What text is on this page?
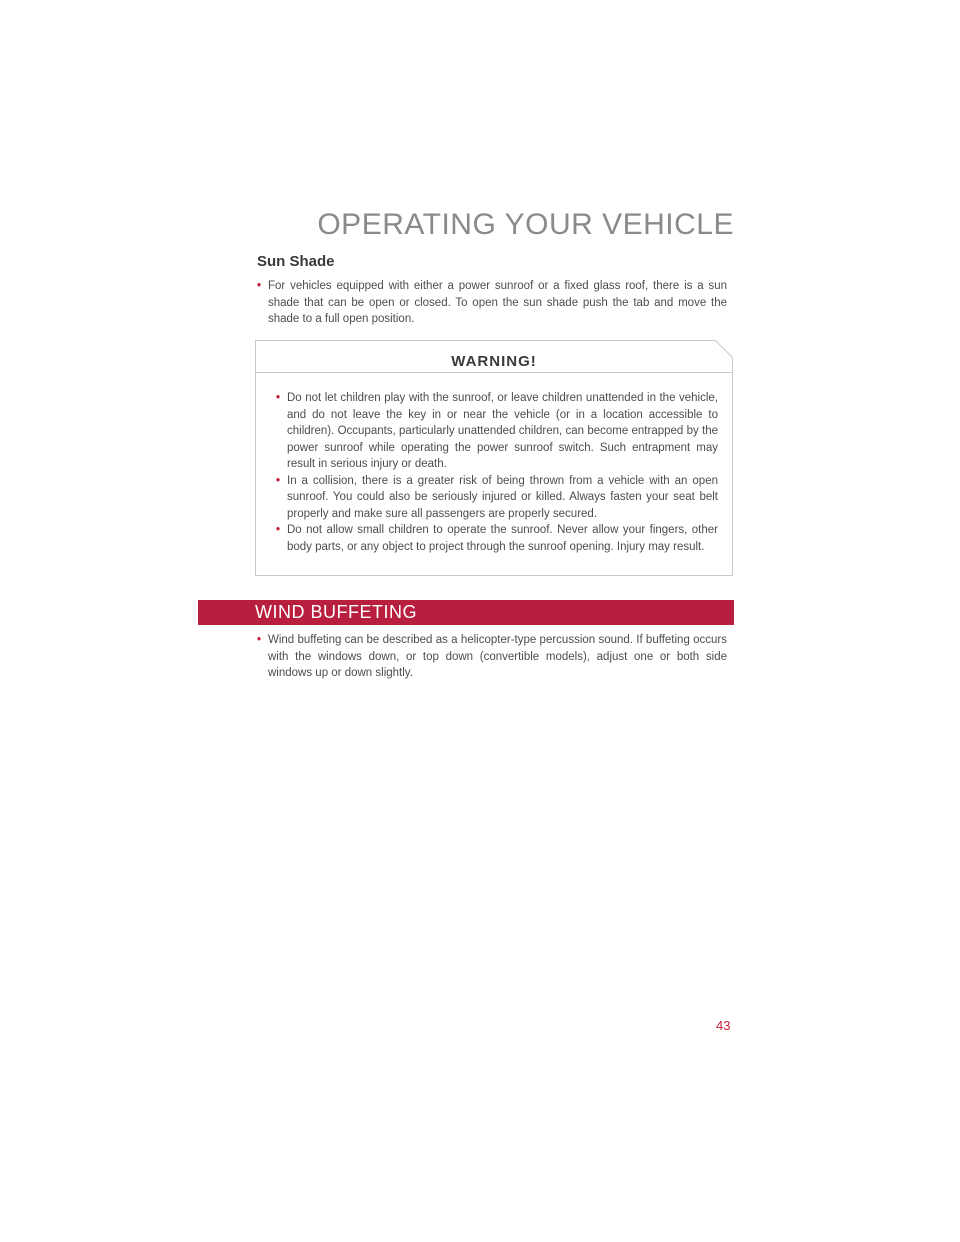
OPERATING YOUR VEHICLE
Sun Shade
• For vehicles equipped with either a power sunroof or a fixed glass roof, there is a sun shade that can be open or closed. To open the sun shade push the tab and move the shade to a full open position.
WARNING!
• Do not let children play with the sunroof, or leave children unattended in the vehicle, and do not leave the key in or near the vehicle (or in a location accessible to children). Occupants, particularly unattended children, can become entrapped by the power sunroof while operating the power sunroof switch. Such entrapment may result in serious injury or death.
• In a collision, there is a greater risk of being thrown from a vehicle with an open sunroof. You could also be seriously injured or killed. Always fasten your seat belt properly and make sure all passengers are properly secured.
• Do not allow small children to operate the sunroof. Never allow your fingers, other body parts, or any object to project through the sunroof opening. Injury may result.
WIND BUFFETING
• Wind buffeting can be described as a helicopter-type percussion sound. If buffeting occurs with the windows down, or top down (convertible models), adjust one or both side windows up or down slightly.
43
